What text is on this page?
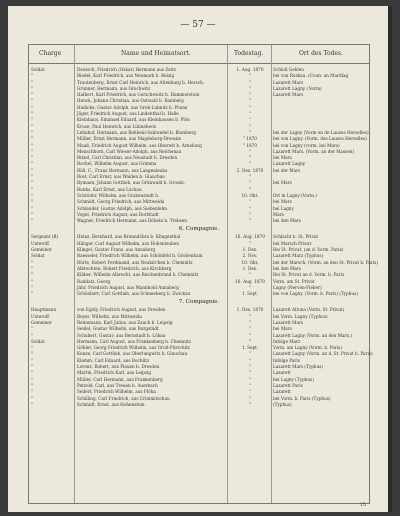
— 57 —
Charge	Name und Heimatsort.	Todestag.	Ort des Todes.
Soldat	Deutsch, Friedrich (Oskar) Hermann aus Zeitz	1. Aug. 1870	Schloß Gehlen
"	Riedel, Karl Friedrich, aus Neumark b. Belzig	"	bei von Ruskau. (Coun- an Mardlag
"	Trautenberg, Ernst Carl Heinrich, aus Altenburg b. Hersch.	"	Lazarett Mars
"	Grunner, Hermann, aus Grochwitz	"	Lazarett Lagny. (Vorm)
"	Halbert, Karl Friedrich, aus Gorschewitz b. Hammerstein	"	Lazarett Mars
"	Henck, Johann Christian, aus Ostwald b. Bamberg	"
"	Hadicke, Gustav Adolph, aus Groß-Lubnitz b. Pönne	"
"	Jäger, Friedrich August, aus Lindenthal b. Halle	"
"	Kleinhaus, Emanuel Eduard, aus Kleinhausen b. Plön	"
"	Kruse, Paul Heinrich, aus Lünnebeck	"
"	Lehnhof, Hermann, aus Rehbein-Salzwedel b. Blomberg	"	bei der Lagny (Vorm on de Lauzes Herselles)
"	Müller, Ernst Hermann, aus Magdeburg-Dressim	" 1870	bei von Lagny. (Vorm. des Lauzes Herselles)
"	Maaß, Friedrich August Wilhelm, aus Oberwit b. Arneburg	" 1870	bei von Lagny (vorm. bei Mars)
"	Menschhorn, Carl Wieser-Adolph, aus Reichenau	"	Lazarett Mars. (Vorm. an der Massen)
"	Ritzel, Carl Christian, aus Neustadt b. Dresden	"	bei Mars
"	Rochel, Wilhelm August, aus Grimma	"	Lazarett Lagny
"	Röll, C., Franz Hermann, aus Langenleuba	2. Dez. 1870	bei der Mars
"	Rost, Carl Ernst, aus Walden b. Glauchau	"
"	Rymann, Johann Gottlieb, aus Grünwald b. Grossb.	"	bei Mars
"	Runks, Karl Ernst, aus Luckau	"
"	Schröder, Wilhelm, aus Grabenstedt b.	10. Okt.	Ort in Lagny (Vorm.)
"	Schmidt, Georg Friedrich, aus Mittweida	"	bei Mars
"	Schlauder, Gustav Adolph, aus Siebenlehn	"	bei Lagny
"	Vogel, Friedrich August, aus Dorfstadt	"	Mars
"	Wagner, Friedrich Hermann, aus Döbeln b. Trebsen	"	bei den Mars
6. Compagnie.
Sergeant (B)	Heinz, Bernhard, aus Brunndöbra b. Klingenthal	16. Aug. 1870	Schlacht b. St. Privat
Unteroff.	Hänger, Carl August Wilhelm, aus Hohenleuben	"	bei Marsch Prieur
Gemeiner	Klingel, Gustav Franz, aus Annaberg	1. Dez.	Bei St. Privat. (an d. Vorm. Paris)
Soldat	Baesseler, Friedrich Wilhelm, aus Schönfeld b. Großenhain	2. Nov.	Lazarett Marz (Typhus)
"	Bürte, Robert Ferdinand, aus Neukirchen b. Chemnitz	10. Okt.	bei der Marsch. (Vorm. an den St. Privat b. Paris)
"	Albrechten, Robert Friedrich, aus Kirchberg	1. Dez.	bei den Mars
"	Kläber, Wilhelm Albrecht, aus Reichenbrand b. Chemnitz	"	Bei St. Privat an d. Vorm. b. Paris
"	Raddatz, Georg	16. Aug. 1870	Vorm. am St. Privat
"	Jahr, Friedrich August, aus Mannhold Annaberg	"	Lagny (Nerven-Fieber)
"	Schönherr, Carl Gottlieb, aus Schneeberg b. Zwickau	1. Sept.	bei von Lagny. (Vorm. b. Paris) (Typhus)
7. Compagnie.
Hauptmann	von Egidy, Friedrich August, aus Dresden	1. Dez. 1870	Lazarett Altona (Vorm. St. Privat)
Unteroff.	Beyer, Wilhelm, aus Mittweida	"	bei Vorm. Lagny (Typhus)
Gemeiner	Reinemann, Karl Julius, aus Zauch b. Leipzig	"	Lazarett Mars
"	Seidel, Gustav Wilhelm, aus Burgstädt	"	bei Mars
"	Schubert, Gustav, aus Bernstadt b. Löbau	"	Lazarett Lagny (Vorm. an den Marn.)
Soldat	Hermann, Carl August, aus Frankenberg b. Chemnitz	"	Infolge Marz
"	Göhler, Georg Friedrich Wilhelm, aus Groß-Pürschitz	1. Sept.	Vorm. am Lagny (Vorm. b. Paris)
"	Kunze, Carl Gottlieb, aus Oberlungwitz b. Glauchau	"	Lazarett Lagny (Vorm. an d. St. Privat b. Paris)
"	Klemm, Carl Eduard, aus Rochlitz	"	Infolge Paris
"	Lorenz, Robert, aus Plauen b. Dresden	"	Lazarett Mars (Typhus)
"	Martin, Friedrich Karl, aus Leipzig	"	Lazarett
"	Müller, Carl Hermann, aus Frankenberg	"	bei Lagny (Typhus)
"	Petzold, Carl, aus Treuen b. Auerbach	"	Lazarett Paris
"	Seifert, Friedrich Wilhelm, aus Flöha	"	Lazarett
"	Schilling, Carl Friedrich, aus Crimmitschau	"	bei Vorm. b. Paris (Typhus)
"	Schmidt, Ernst, aus Hohenstein	"	(Typhus)
15
